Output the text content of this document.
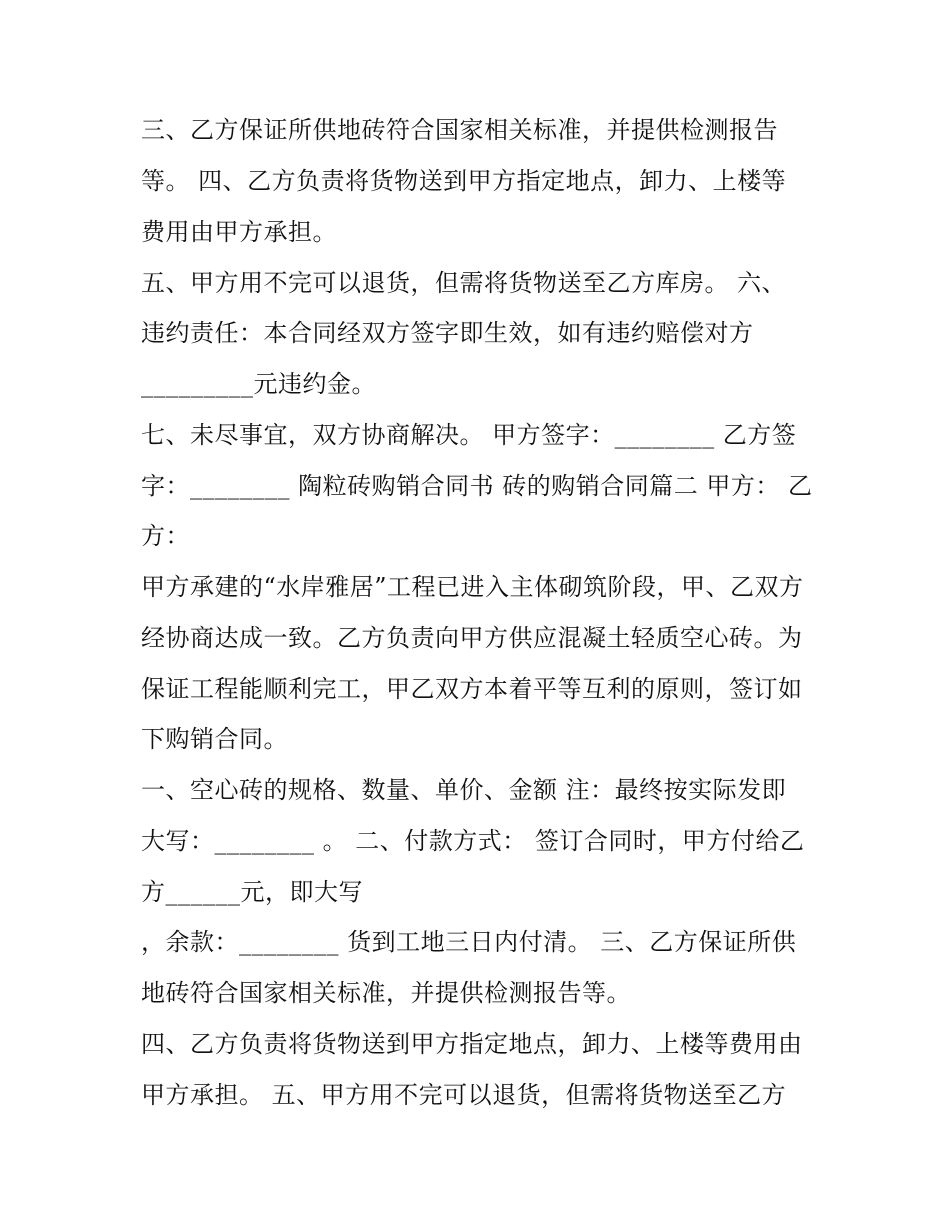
三、乙方保证所供地砖符合国家相关标准，并提供检测报告
等。 四、乙方负责将货物送到甲方指定地点，卸力、上楼等
费用由甲方承担。
五、甲方用不完可以退货，但需将货物送至乙方库房。 六、
违约责任：本合同经双方签字即生效，如有违约赔偿对方
_________元违约金。
七、未尽事宜，双方协商解决。 甲方签字：________ 乙方签
字：________ 陶粒砖购销合同书 砖的购销合同篇二 甲方： 乙
方：
甲方承建的“水岸雅居”工程已进入主体砌筑阶段，甲、乙双方
经协商达成一致。乙方负责向甲方供应混凝土轻质空心砖。为
保证工程能顺利完工，甲乙双方本着平等互利的原则，签订如
下购销合同。
一、空心砖的规格、数量、单价、金额 注：最终按实际发即
大写：________ 。 二、付款方式： 签订合同时，甲方付给乙
方______元，即大写
，余款：________ 货到工地三日内付清。 三、乙方保证所供
地砖符合国家相关标准，并提供检测报告等。
四、乙方负责将货物送到甲方指定地点，卸力、上楼等费用由
甲方承担。 五、甲方用不完可以退货，但需将货物送至乙方
